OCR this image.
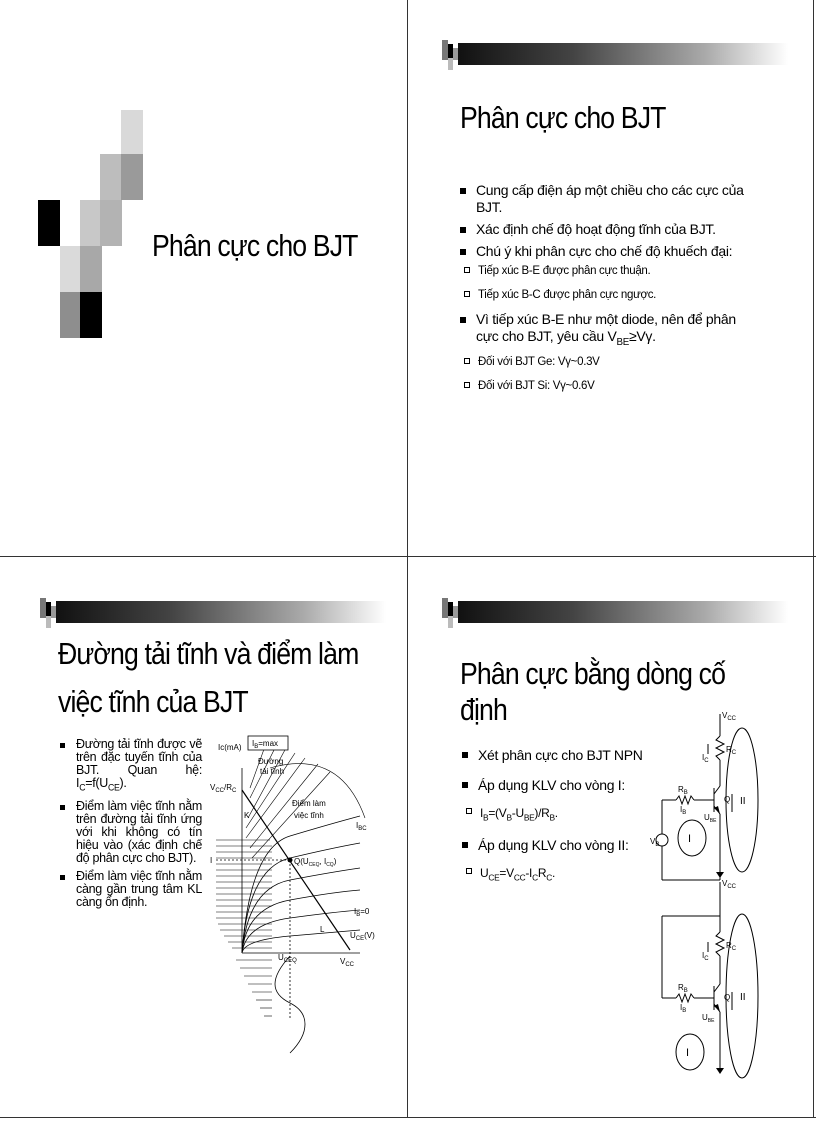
Phân cực cho BJT
Phân cực cho BJT
Cung cấp điện áp một chiều cho các cực của BJT.
Xác định chế độ hoạt động tĩnh của BJT.
Chú ý khi phân cực cho chế độ khuếch đại:
Tiếp xúc B-E được phân cực thuận.
Tiếp xúc B-C được phân cực ngược.
Vì tiếp xúc B-E như một diode, nên để phân cực cho BJT, yêu cầu $V_{BE}\ge V\gamma$.
Đối với BJT Ge: Vγ~0.3V
Đối với BJT Si: Vγ~0.6V
Đường tải tĩnh và điểm làm
việc tĩnh của BJT
Đường tải tĩnh được vẽ trên đặc tuyến tĩnh của BJT. Quan hệ: $I_C=f(U_{CE})$.
Điểm làm việc tĩnh nằm trên đường tải tĩnh ứng với khi không có tín hiệu vào (xác định chế độ phân cực cho BJT).
Điểm làm việc tĩnh nằm càng gần trung tâm KL càng ổn định.
$I_B=\max$
Ic(mA)
Đường
tải tĩnh
$V_{CC}/R_C$
Điểm làm
việc tĩnh
$I_{BC}$
K
$Q(U_{CEQ}$, $I_{CQ}$)
I
$I_B=0$
L
$U_{CE}(V)$
$U_{CEQ}$	$V_{CC}$
Phân cực bằng dòng cố định
Xét phân cực cho BJT NPN
Áp dụng KLV cho vòng I:
$I_B=(V_B-U_{BE})/R_B$.
Áp dụng KLV cho vòng II:
$U_{CE}=V_{CC}-I_CR_C$.
$V_{CC}$
$R_C$
$I_C$
$R_B$
$I_B$
$V_B$
Q
$U_{BE}$
I
II
$V_{CC}$
$R_C$
$I_C$
$R_B$
$I_B$
Q
$U_{BE}$
I
II
